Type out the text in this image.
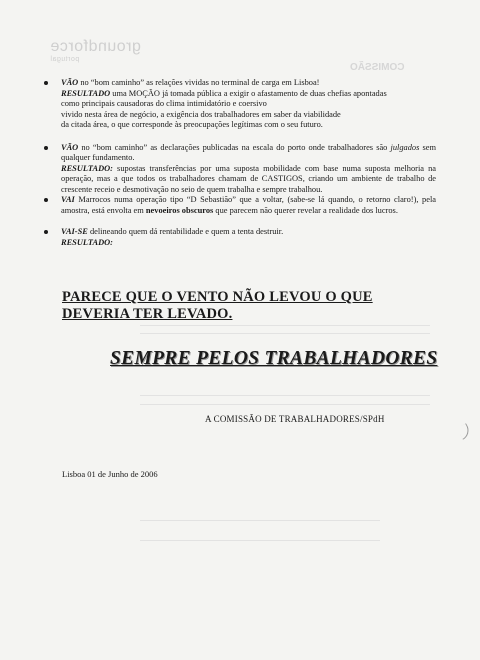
groundforce
portugal
COMISSÃO

VÃO no “bom caminho” as relações vividas no terminal de carga em Lisboa!

RESULTADO uma MOÇÃO já tomada pública a exigir o afastamento de duas chefias apontadas

como principais causadoras do clima intimidatório e coersivo

vivido nesta área de negócio, a exigência dos trabalhadores em saber da viabilidade

da citada área, o que corresponde às preocupações legítimas com o seu futuro.

VÃO no “bom caminho” as declarações publicadas na escala do porto onde trabalhadores são julgados sem qualquer fundamento.

RESULTADO: supostas transferências por uma suposta mobilidade com base numa suposta melhoria na operação, mas a que todos os trabalhadores chamam de CASTIGOS, criando um ambiente de trabalho de crescente receio e desmotivação no seio de quem trabalha e sempre trabalhou.

VAI Marrocos numa operação tipo “D Sebastião” que a voltar, (sabe-se lá quando, o retorno claro!), pela amostra, está envolta em nevoeiros obscuros que parecem não querer revelar a realidade dos lucros.

VAI-SE delineando quem dá rentabilidade e quem a tenta destruir.

RESULTADO:

PARECE QUE O VENTO NÃO LEVOU O QUE DEVERIA TER LEVADO.
SEMPRE PELOS TRABALHADORES
A COMISSÃO DE TRABALHADORES/SPdH
Lisboa 01 de Junho de 2006
